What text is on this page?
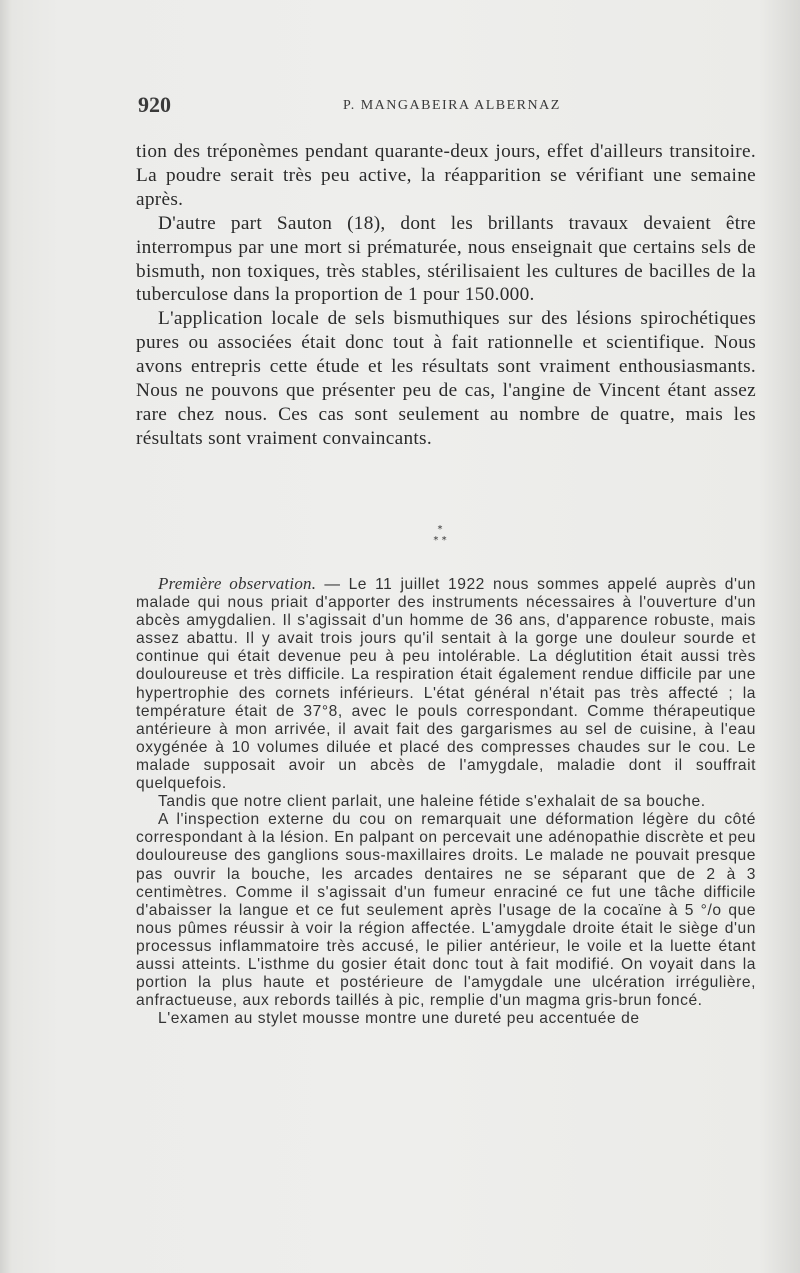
920	P. MANGABEIRA ALBERNAZ

tion des tréponèmes pendant quarante-deux jours, effet d'ailleurs transitoire. La poudre serait très peu active, la réapparition se vérifiant une semaine après.

D'autre part Sauton (18), dont les brillants travaux devaient être interrompus par une mort si prématurée, nous enseignait que certains sels de bismuth, non toxiques, très stables, stérilisaient les cultures de bacilles de la tuberculose dans la proportion de 1 pour 150.000.

L'application locale de sels bismuthiques sur des lésions spirochétiques pures ou associées était donc tout à fait rationnelle et scientifique. Nous avons entrepris cette étude et les résultats sont vraiment enthousiasmants. Nous ne pouvons que présenter peu de cas, l'angine de Vincent étant assez rare chez nous. Ces cas sont seulement au nombre de quatre, mais les résultats sont vraiment convaincants.

*
* *

Première observation. — Le 11 juillet 1922 nous sommes appelé auprès d'un malade qui nous priait d'apporter des instruments nécessaires à l'ouverture d'un abcès amygdalien. Il s'agissait d'un homme de 36 ans, d'apparence robuste, mais assez abattu. Il y avait trois jours qu'il sentait à la gorge une douleur sourde et continue qui était devenue peu à peu intolérable. La déglutition était aussi très douloureuse et très difficile. La respiration était également rendue difficile par une hypertrophie des cornets inférieurs. L'état général n'était pas très affecté ; la température était de 37°8, avec le pouls correspondant. Comme thérapeutique antérieure à mon arrivée, il avait fait des gargarismes au sel de cuisine, à l'eau oxygénée à 10 volumes diluée et placé des compresses chaudes sur le cou. Le malade supposait avoir un abcès de l'amygdale, maladie dont il souffrait quelquefois.

Tandis que notre client parlait, une haleine fétide s'exhalait de sa bouche.

A l'inspection externe du cou on remarquait une déformation légère du côté correspondant à la lésion. En palpant on percevait une adénopathie discrète et peu douloureuse des ganglions sous-maxillaires droits. Le malade ne pouvait presque pas ouvrir la bouche, les arcades dentaires ne se séparant que de 2 à 3 centimètres. Comme il s'agissait d'un fumeur enraciné ce fut une tâche difficile d'abaisser la langue et ce fut seulement après l'usage de la cocaïne à 5 °/o que nous pûmes réussir à voir la région affectée. L'amygdale droite était le siège d'un processus inflammatoire très accusé, le pilier antérieur, le voile et la luette étant aussi atteints. L'isthme du gosier était donc tout à fait modifié. On voyait dans la portion la plus haute et postérieure de l'amygdale une ulcération irrégulière, anfractueuse, aux rebords taillés à pic, remplie d'un magma gris-brun foncé.

L'examen au stylet mousse montre une dureté peu accentuée de
